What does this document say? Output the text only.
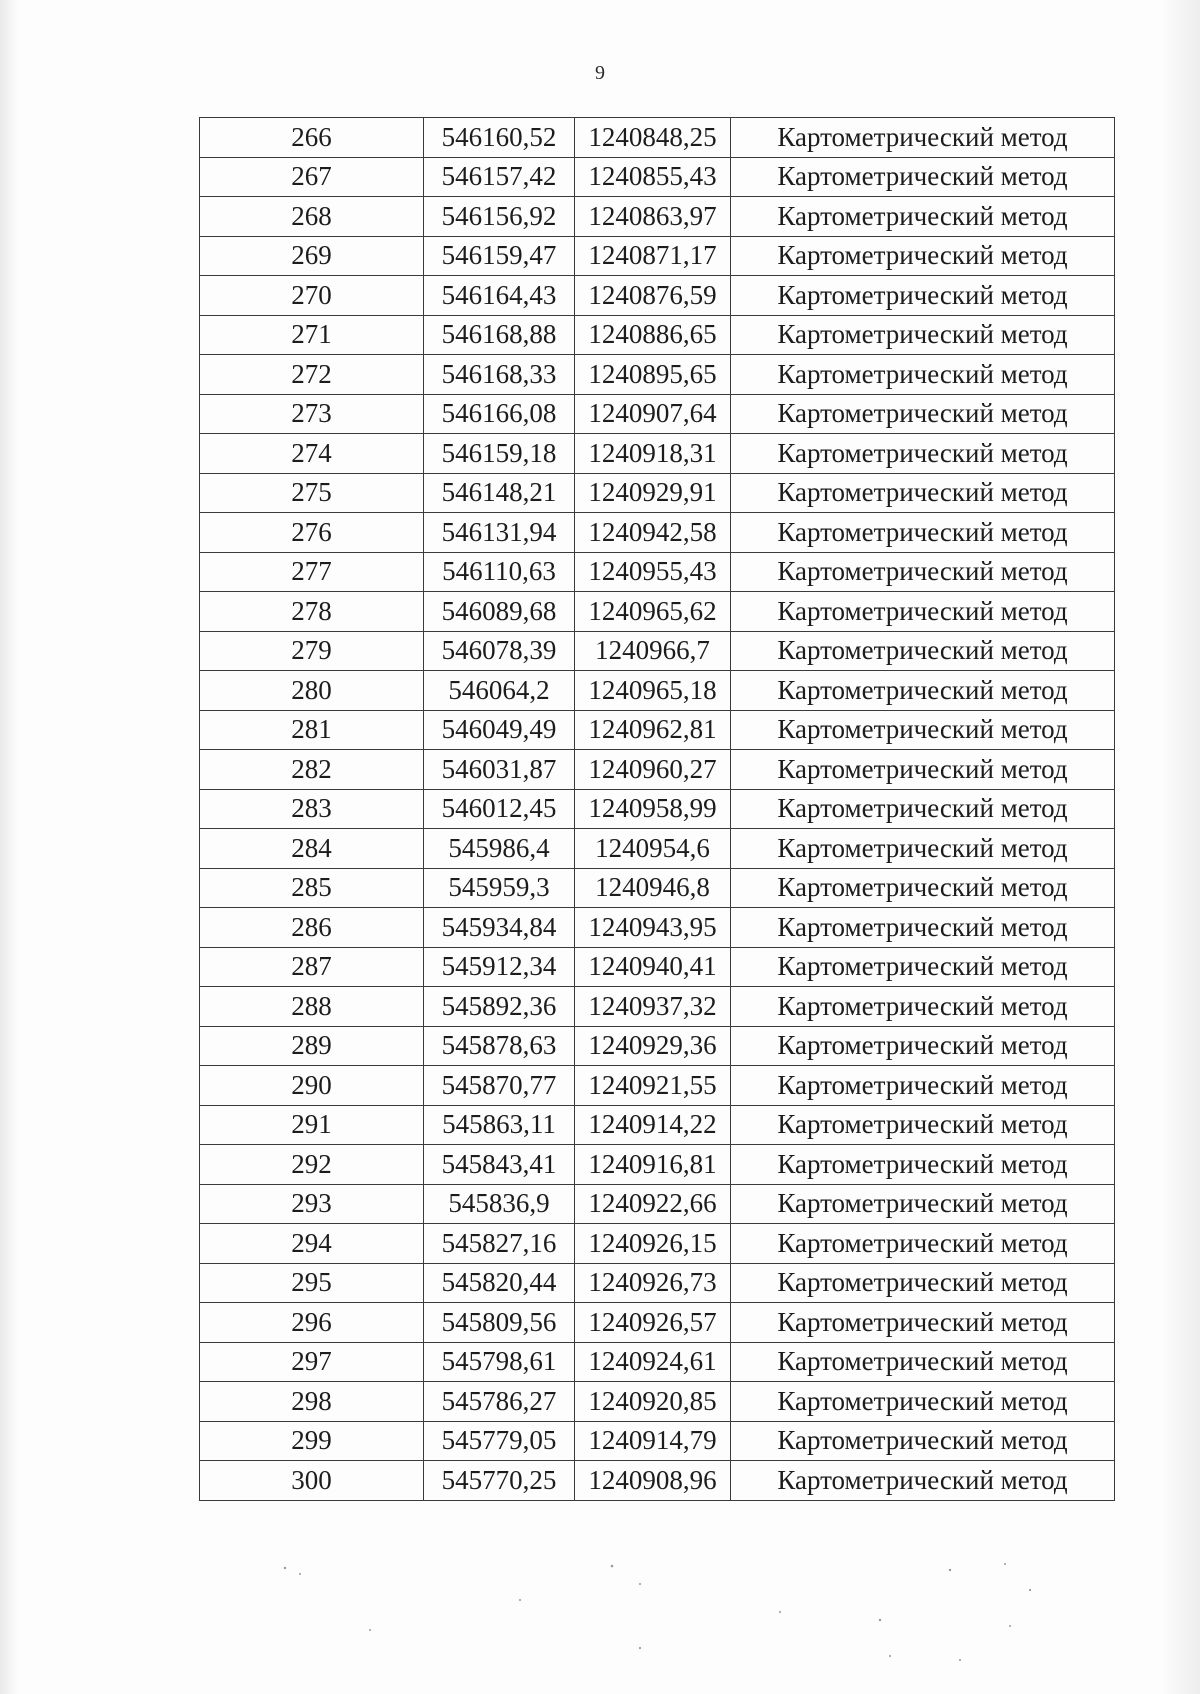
9
266	546160,52	1240848,25	Картометрический метод
267	546157,42	1240855,43	Картометрический метод
268	546156,92	1240863,97	Картометрический метод
269	546159,47	1240871,17	Картометрический метод
270	546164,43	1240876,59	Картометрический метод
271	546168,88	1240886,65	Картометрический метод
272	546168,33	1240895,65	Картометрический метод
273	546166,08	1240907,64	Картометрический метод
274	546159,18	1240918,31	Картометрический метод
275	546148,21	1240929,91	Картометрический метод
276	546131,94	1240942,58	Картометрический метод
277	546110,63	1240955,43	Картометрический метод
278	546089,68	1240965,62	Картометрический метод
279	546078,39	1240966,7	Картометрический метод
280	546064,2	1240965,18	Картометрический метод
281	546049,49	1240962,81	Картометрический метод
282	546031,87	1240960,27	Картометрический метод
283	546012,45	1240958,99	Картометрический метод
284	545986,4	1240954,6	Картометрический метод
285	545959,3	1240946,8	Картометрический метод
286	545934,84	1240943,95	Картометрический метод
287	545912,34	1240940,41	Картометрический метод
288	545892,36	1240937,32	Картометрический метод
289	545878,63	1240929,36	Картометрический метод
290	545870,77	1240921,55	Картометрический метод
291	545863,11	1240914,22	Картометрический метод
292	545843,41	1240916,81	Картометрический метод
293	545836,9	1240922,66	Картометрический метод
294	545827,16	1240926,15	Картометрический метод
295	545820,44	1240926,73	Картометрический метод
296	545809,56	1240926,57	Картометрический метод
297	545798,61	1240924,61	Картометрический метод
298	545786,27	1240920,85	Картометрический метод
299	545779,05	1240914,79	Картометрический метод
300	545770,25	1240908,96	Картометрический метод
